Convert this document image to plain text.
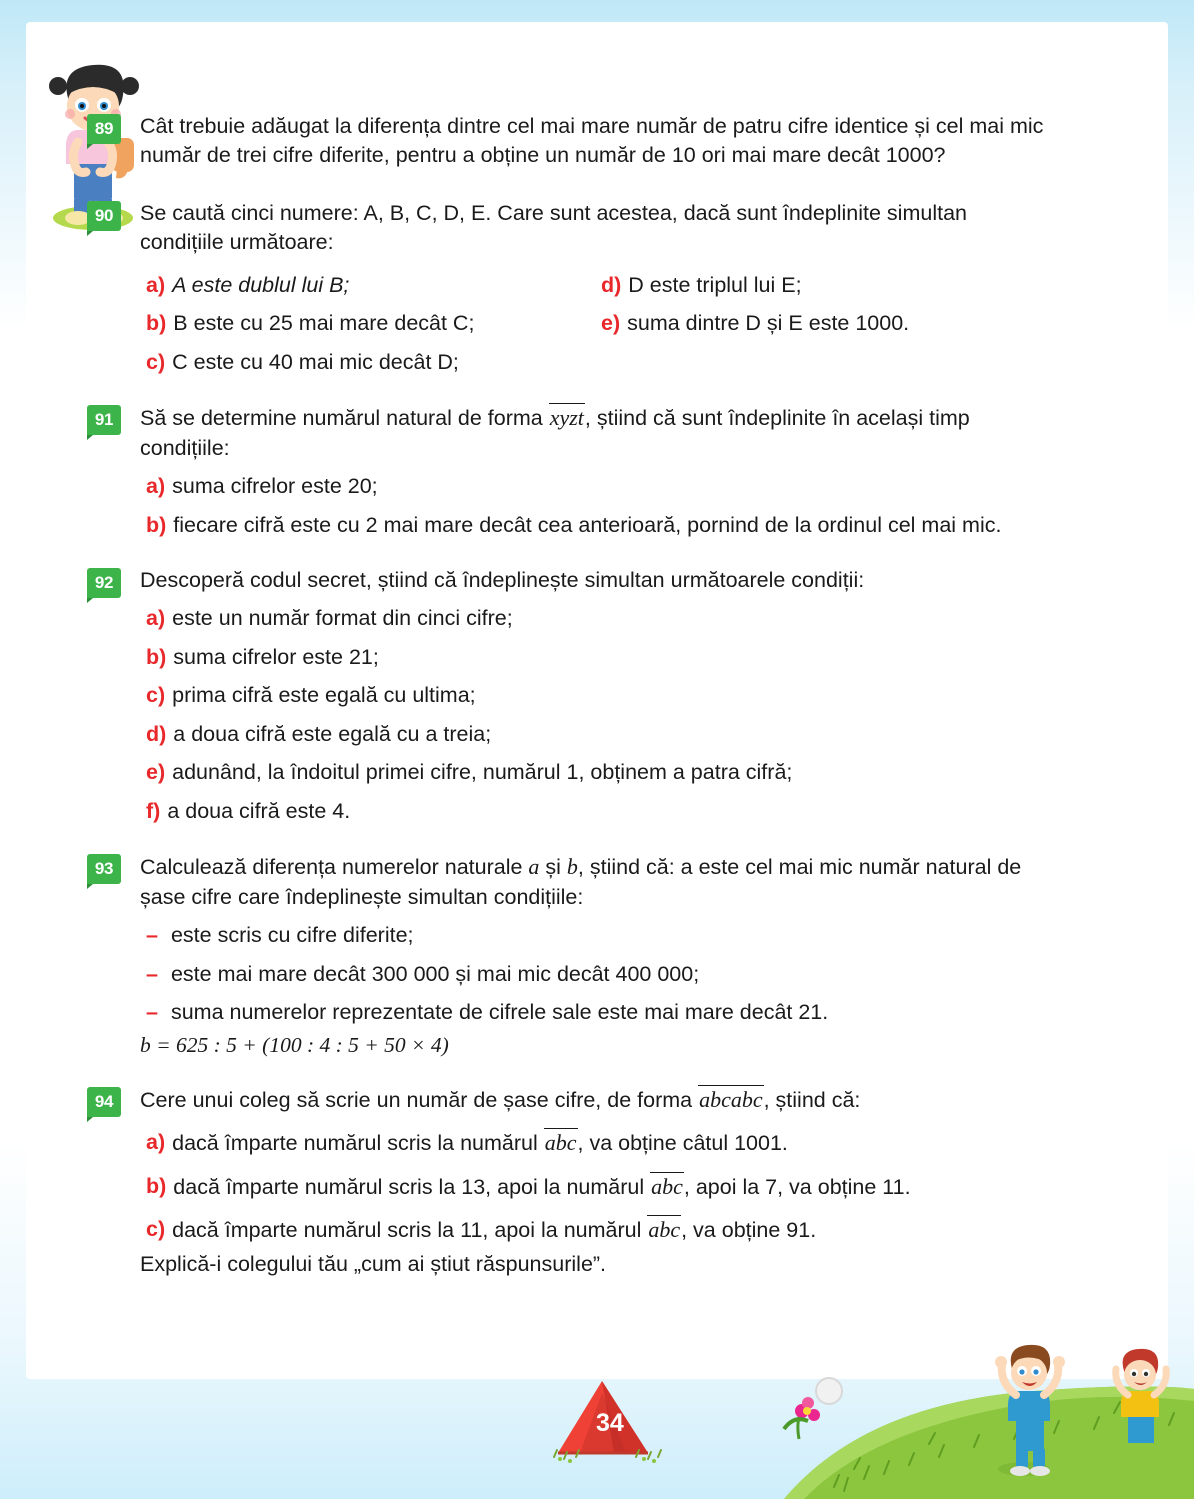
89	Cât trebuie adăugat la diferența dintre cel mai mare număr de patru cifre identice și cel mai mic număr de trei cifre diferite, pentru a obține un număr de 10 ori mai mare decât 1000?
90	Se caută cinci numere: A, B, C, D, E. Care sunt acestea, dacă sunt îndeplinite simultan condițiile următoare:
a) A este dublul lui B;
b) B este cu 25 mai mare decât C;
c) C este cu 40 mai mic decât D;
d) D este triplul lui E;
e) suma dintre D și E este 1000.
91	Să se determine numărul natural de forma xyzt, știind că sunt îndeplinite în același timp condițiile:
a) suma cifrelor este 20;
b) fiecare cifră este cu 2 mai mare decât cea anterioară, pornind de la ordinul cel mai mic.
92	Descoperă codul secret, știind că îndeplinește simultan următoarele condiții:
a) este un număr format din cinci cifre;
b) suma cifrelor este 21;
c) prima cifră este egală cu ultima;
d) a doua cifră este egală cu a treia;
e) adunând, la îndoitul primei cifre, numărul 1, obținem a patra cifră;
f) a doua cifră este 4.
93	Calculează diferența numerelor naturale a și b, știind că: a este cel mai mic număr natural de șase cifre care îndeplinește simultan condițiile:
– este scris cu cifre diferite;
– este mai mare decât 300 000 și mai mic decât 400 000;
– suma numerelor reprezentate de cifrele sale este mai mare decât 21.
b = 625 : 5 + (100 : 4 : 5 + 50 × 4)
94	Cere unui coleg să scrie un număr de șase cifre, de forma abcabc, știind că:
a) dacă împarte numărul scris la numărul abc, va obține câtul 1001.
b) dacă împarte numărul scris la 13, apoi la numărul abc, apoi la 7, va obține 11.
c) dacă împarte numărul scris la 11, apoi la numărul abc, va obține 91.
Explică-i colegului tău „cum ai știut răspunsurile”.
34
